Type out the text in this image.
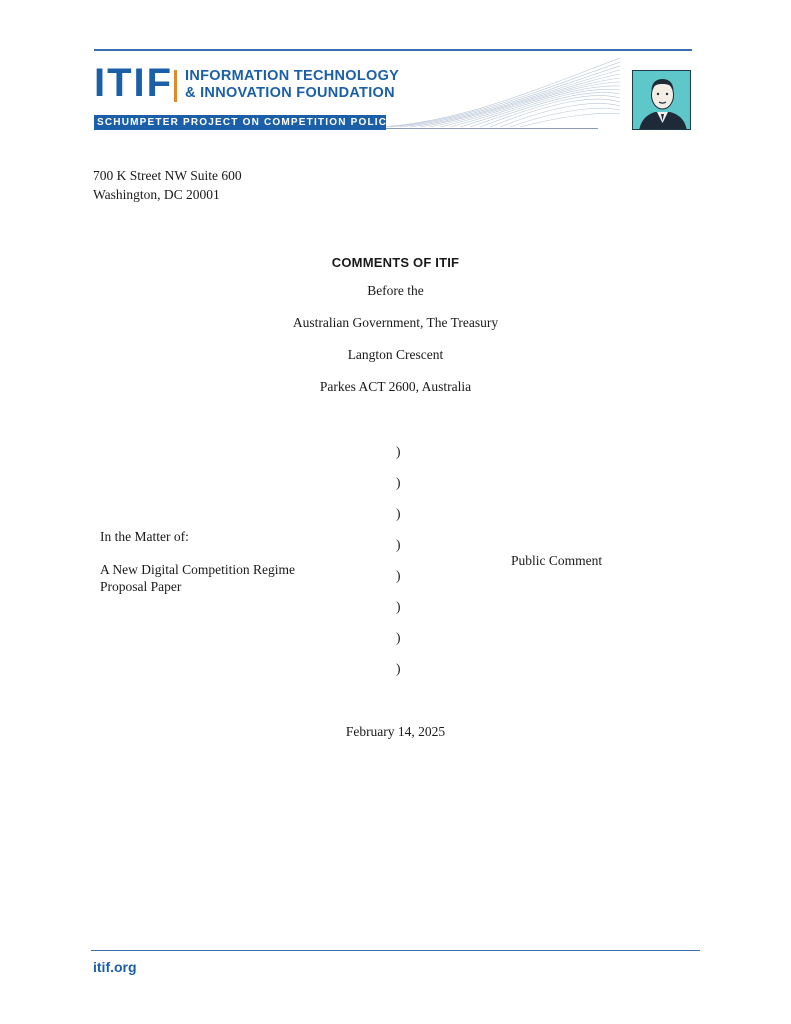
ITIF INFORMATION TECHNOLOGY
& INNOVATION FOUNDATION
SCHUMPETER PROJECT ON COMPETITION POLICY
700 K Street NW Suite 600
Washington, DC 20001
COMMENTS OF ITIF
Before the
Australian Government, The Treasury
Langton Crescent
Parkes ACT 2600, Australia
)
)
)
)
)
)
)
)
In the Matter of:
A New Digital Competition Regime
Proposal Paper
Public Comment
February 14, 2025
itif.org
